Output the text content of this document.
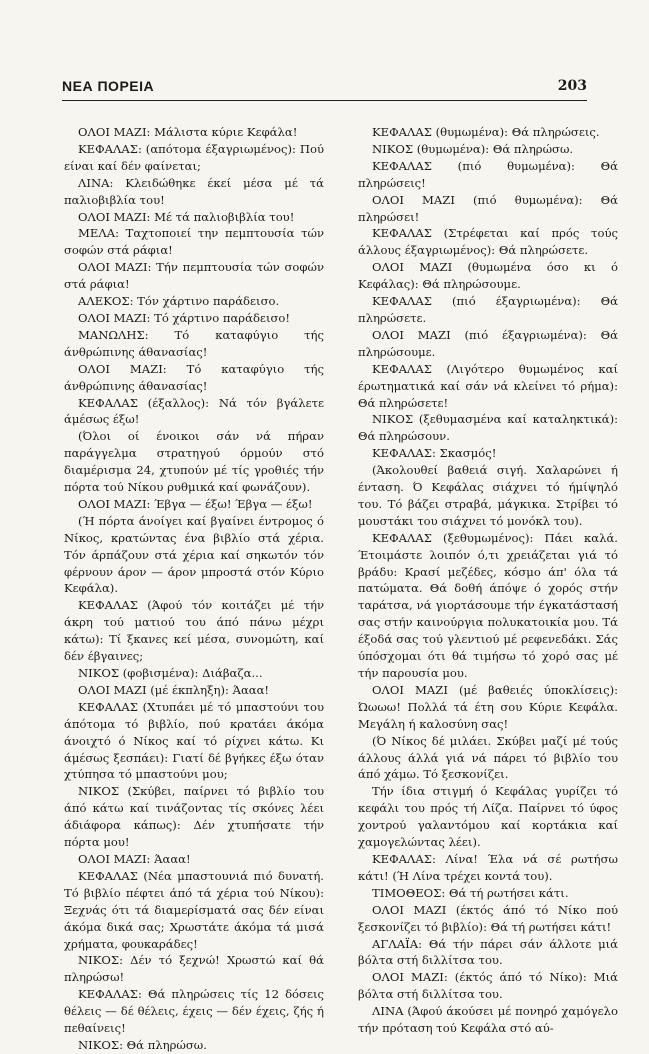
ΝΕΑ ΠΟΡΕΙΑ	203

ΟΛΟΙ ΜΑΖΙ: Μάλιστα κύριε Κεφάλα!

ΚΕΦΑΛΑΣ: (απότομα έξαγριωμένος): Πού είναι καί δέν φαίνεται;

ΛΙΝΑ: Κλειδώθηκε έκεί μέσα μέ τά παλιοβιβλία του!

ΟΛΟΙ ΜΑΖΙ: Μέ τά παλιοβιβλία του!

ΜΕΛΑ: Ταχτοποιεί την πεμπτουσία τών σοφών στά ράφια!

ΟΛΟΙ ΜΑΖΙ: Τήν πεμπτουσία τών σοφών στά ράφια!

ΑΛΕΚΟΣ: Τόν χάρτινο παράδεισο.

ΟΛΟΙ ΜΑΖΙ: Τό χάρτινο παράδεισο!

ΜΑΝΩΛΗΣ: Τό καταφύγιο τής άνθρώπινης άθανασίας!

ΟΛΟΙ ΜΑΖΙ: Τό καταφύγιο τής άνθρώπινης άθανασίας!

ΚΕΦΑΛΑΣ (έξαλλος): Νά τόν βγάλετε άμέσως έξω!

(Όλοι οί ένοικοι σάν νά πήραν παράγγελμα στρατηγού όρμούν στό διαμέρισμα 24, χτυπούν μέ τίς γροθιές τήν πόρτα τού Νίκου ρυθμικά καί φωνάζουν).

ΟΛΟΙ ΜΑΖΙ: Έβγα — έξω! Έβγα — έξω!

(Ή πόρτα άνοίγει καί βγαίνει έντρομος ό Νίκος, κρατώντας ένα βιβλίο στά χέρια. Τόν άρπάζουν στά χέρια καί σηκωτόν τόν φέρνουν άρον — άρον μπροστά στόν Κύριο Κεφάλα).

ΚΕΦΑΛΑΣ (Άφού τόν κοιτάζει μέ τήν άκρη τού ματιού του άπό πάνω μέχρι κάτω): Τί ξκανες κεί μέσα, συνομώτη, καί δέν έβγαινες;

ΝΙΚΟΣ (φοβισμένα): Διάβαζα...

ΟΛΟΙ ΜΑΖΙ (μέ έκπληξη): Άααα!

ΚΕΦΑΛΑΣ (Χτυπάει μέ τό μπαστούνι του άπότομα τό βιβλίο, πού κρατάει άκόμα άνοιχτό ό Νίκος καί τό ρίχνει κάτω. Κι άμέσως ξεσπάει): Γιατί δέ βγήκες έξω όταν χτύπησα τό μπαστούνι μου;

ΝΙΚΟΣ (Σκύβει, παίρνει τό βιβλίο του άπό κάτω καί τινάζοντας τίς σκόνες λέει άδιάφορα κάπως): Δέν χτυπήσατε τήν πόρτα μου!

ΟΛΟΙ ΜΑΖΙ: Άααα!

ΚΕΦΑΛΑΣ (Νέα μπαστουνιά πιό δυνατή. Τό βιβλίο πέφτει άπό τά χέρια τού Νίκου): Ξεχνάς ότι τά διαμερίσματά σας δέν είναι άκόμα δικά σας; Χρωστάτε άκόμα τά μισά χρήματα, φουκαράδες!

ΝΙΚΟΣ: Δέν τό ξεχνώ! Χρωστώ καί θά πληρώσω!

ΚΕΦΑΛΑΣ: Θά πληρώσεις τίς 12 δόσεις θέλεις — δέ θέλεις, έχεις — δέν έχεις, ζής ή πεθαίνεις!

ΝΙΚΟΣ: Θά πληρώσω.

ΚΕΦΑΛΑΣ (θυμωμένα): Θά πληρώσεις.

ΝΙΚΟΣ (θυμωμένα): Θά πληρώσω.

ΚΕΦΑΛΑΣ (πιό θυμωμένα): Θά πληρώσεις!

ΟΛΟΙ ΜΑΖΙ (πιό θυμωμένα): Θά πληρώσει!

ΚΕΦΑΛΑΣ (Στρέφεται καί πρός τούς άλλους έξαγριωμένος): Θά πληρώσετε.

ΟΛΟΙ ΜΑΖΙ (θυμωμένα όσο κι ό Κεφάλας): Θά πληρώσουμε.

ΚΕΦΑΛΑΣ (πιό έξαγριωμένα): Θά πληρώσετε.

ΟΛΟΙ ΜΑΖΙ (πιό έξαγριωμένα): Θά πληρώσουμε.

ΚΕΦΑΛΑΣ (Λιγότερο θυμωμένος καί έρωτηματικά καί σάν νά κλείνει τό ρήμα): Θά πληρώσετε!

ΝΙΚΟΣ (ξεθυμασμένα καί καταληκτικά): Θά πληρώσουν.

ΚΕΦΑΛΑΣ: Σκασμός!

(Άκολουθεί βαθειά σιγή. Χαλαρώνει ή ένταση. Ό Κεφάλας σιάχνει τό ήμίψηλό του. Τό βάζει στραβά, μάγκικα. Στρίβει τό μουστάκι του σιάχνει τό μονόκλ του).

ΚΕΦΑΛΑΣ (ξεθυμωμένος): Πάει καλά. Έτοιμάστε λοιπόν ό,τι χρειάζεται γιά τό βράδυ: Κρασί μεζέδες, κόσμο άπ' όλα τά πατώματα. Θά δοθή άπόψε ό χορός στήν ταράτσα, νά γιορτάσουμε τήν έγκατάστασή σας στήν καινούργια πολυκατοικία μου. Τά έξοδά σας τού γλεντιού μέ ρεφενεδάκι. Σάς ύπόσχομαι ότι θά τιμήσω τό χορό σας μέ τήν παρουσία μου.

ΟΛΟΙ ΜΑΖΙ (μέ βαθειές ύποκλίσεις): Ώωωω! Πολλά τά έτη σου Κύριε Κεφάλα. Μεγάλη ή καλοσύνη σας!

(Ό Νίκος δέ μιλάει. Σκύβει μαζί μέ τούς άλλους άλλά γιά νά πάρει τό βιβλίο του άπό χάμω. Τό ξεσκονίζει.

Τήν ίδια στιγμή ό Κεφάλας γυρίζει τό κεφάλι του πρός τή Λίζα. Παίρνει τό ύφος χοντρού γαλαντόμου καί κορτάκια καί χαμογελώντας λέει).

ΚΕΦΑΛΑΣ: Λίνα! Έλα νά σέ ρωτήσω κάτι! (Ή Λίνα τρέχει κοντά του).

ΤΙΜΟΘΕΟΣ: Θά τή ρωτήσει κάτι.

ΟΛΟΙ ΜΑΖΙ (έκτός άπό τό Νίκο πού ξεσκονίζει τό βιβλίο): Θά τή ρωτήσει κάτι!

ΑΓΛΑΪΑ: Θά τήν πάρει σάν άλλοτε μιά βόλτα στή διλλίτσα του.

ΟΛΟΙ ΜΑΖΙ: (έκτός άπό τό Νίκο): Μιά βόλτα στή διλλίτσα του.

ΛΙΝΑ (Άφού άκούσει μέ πονηρό χαμόγελο τήν πρόταση τού Κεφάλα στό αύ-
